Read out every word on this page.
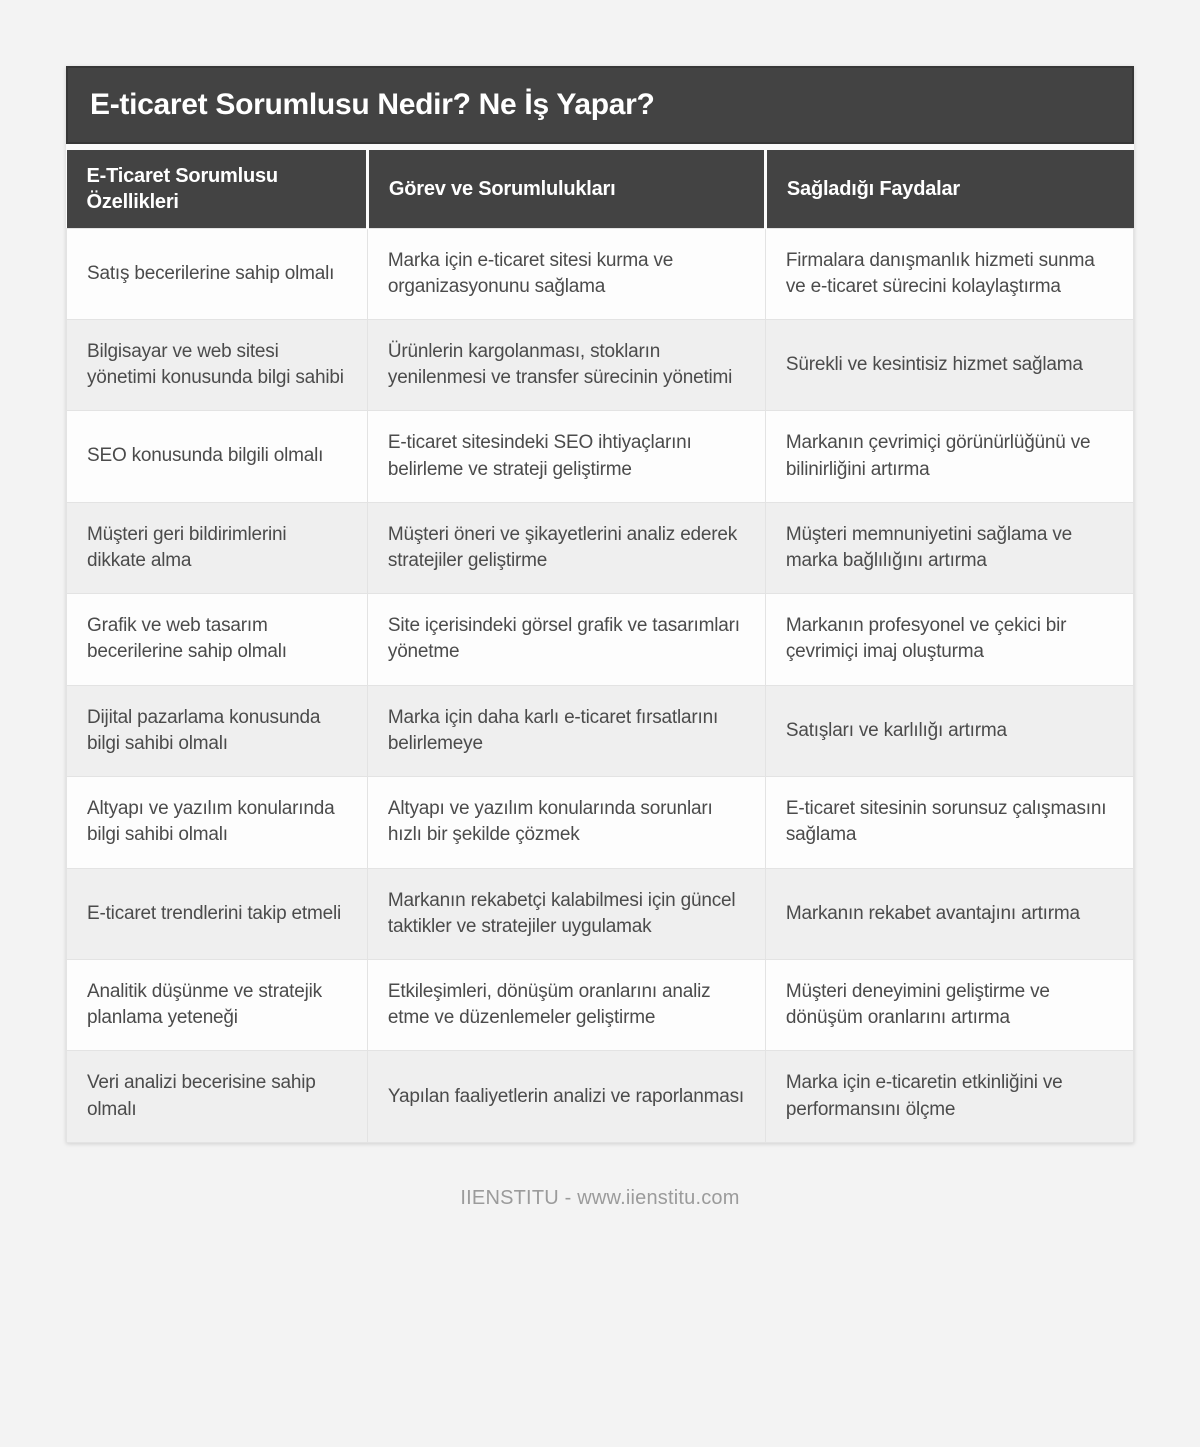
E-ticaret Sorumlusu Nedir? Ne İş Yapar?
E-Ticaret Sorumlusu Özellikleri	Görev ve Sorumlulukları	Sağladığı Faydalar
Satış becerilerine sahip olmalı	Marka için e-ticaret sitesi kurma ve organizasyonunu sağlama	Firmalara danışmanlık hizmeti sunma ve e-ticaret sürecini kolaylaştırma
Bilgisayar ve web sitesi yönetimi konusunda bilgi sahibi	Ürünlerin kargolanması, stokların yenilenmesi ve transfer sürecinin yönetimi	Sürekli ve kesintisiz hizmet sağlama
SEO konusunda bilgili olmalı	E-ticaret sitesindeki SEO ihtiyaçlarını belirleme ve strateji geliştirme	Markanın çevrimiçi görünürlüğünü ve bilinirliğini artırma
Müşteri geri bildirimlerini dikkate alma	Müşteri öneri ve şikayetlerini analiz ederek stratejiler geliştirme	Müşteri memnuniyetini sağlama ve marka bağlılığını artırma
Grafik ve web tasarım becerilerine sahip olmalı	Site içerisindeki görsel grafik ve tasarımları yönetme	Markanın profesyonel ve çekici bir çevrimiçi imaj oluşturma
Dijital pazarlama konusunda bilgi sahibi olmalı	Marka için daha karlı e-ticaret fırsatlarını belirlemeye	Satışları ve karlılığı artırma
Altyapı ve yazılım konularında bilgi sahibi olmalı	Altyapı ve yazılım konularında sorunları hızlı bir şekilde çözmek	E-ticaret sitesinin sorunsuz çalışmasını sağlama
E-ticaret trendlerini takip etmeli	Markanın rekabetçi kalabilmesi için güncel taktikler ve stratejiler uygulamak	Markanın rekabet avantajını artırma
Analitik düşünme ve stratejik planlama yeteneği	Etkileşimleri, dönüşüm oranlarını analiz etme ve düzenlemeler geliştirme	Müşteri deneyimini geliştirme ve dönüşüm oranlarını artırma
Veri analizi becerisine sahip olmalı	Yapılan faaliyetlerin analizi ve raporlanması	Marka için e-ticaretin etkinliğini ve performansını ölçme
IIENSTITU - www.iienstitu.com
